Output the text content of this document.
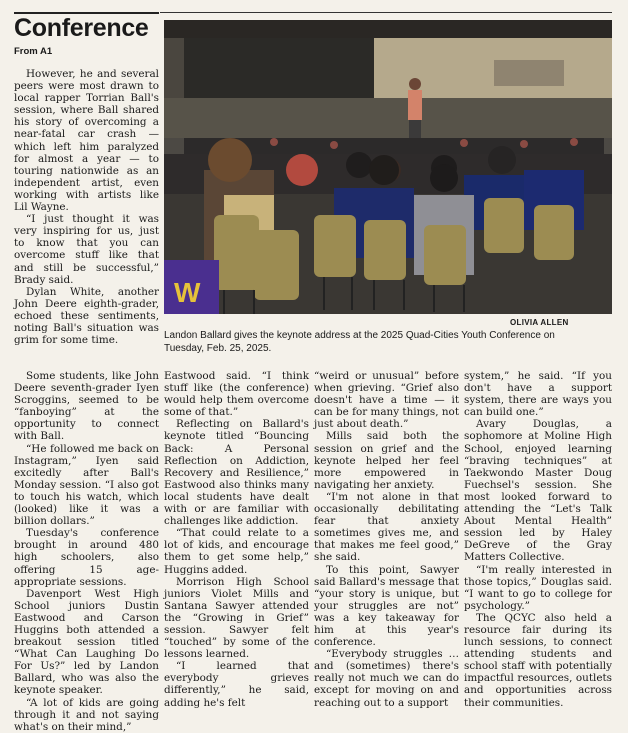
Conference
From A1

However, he and several peers were most drawn to local rapper Torrian Ball's session, where Ball shared his story of overcoming a near-fatal car crash — which left him paralyzed for almost a year — to touring nationwide as an independent artist, even working with artists like Lil Wayne.

“I just thought it was very inspiring for us, just to know that you can overcome stuff like that and still be successful,” Brady said.

Dylan White, another John Deere eighth-grader, echoed these sentiments, noting Ball's situation was grim for some time.

W
OLIVIA ALLEN
Landon Ballard gives the keynote address at the 2025 Quad-Cities Youth Conference on Tuesday, Feb. 25, 2025.

Some students, like John Deere seventh-grader Iyen Scroggins, seemed to be “fanboying” at the opportunity to connect with Ball.

“He followed me back on Instagram,” Iyen said excitedly after Ball's Monday session. “I also got to touch his watch, which (looked) like it was a billion dollars.”

Tuesday's conference brought in around 480 high schoolers, also offering 15 age-appropriate sessions.

Davenport West High School juniors Dustin Eastwood and Carson Huggins both attended a breakout session titled “What Can Laughing Do For Us?” led by Landon Ballard, who was also the keynote speaker.

“A lot of kids are going through it and not saying what's on their mind,”

Eastwood said. “I think stuff like (the conference) would help them overcome some of that.”

Reflecting on Ballard's keynote titled “Bouncing Back: A Personal Reflection on Addiction, Recovery and Resilience,” Eastwood also thinks many local students have dealt with or are familiar with challenges like addiction.

“That could relate to a lot of kids, and encourage them to get some help,” Huggins added.

Morrison High School juniors Violet Mills and Santana Sawyer attended the “Growing in Grief” session. Sawyer felt “touched” by some of the lessons learned.

“I learned that everybody grieves differently,” he said, adding he's felt

“weird or unusual” before when grieving. “Grief also doesn't have a time — it can be for many things, not just about death.”

Mills said both the session on grief and the keynote helped her feel more empowered in navigating her anxiety.

“I'm not alone in that occasionally debilitating fear that anxiety sometimes gives me, and that makes me feel good,” she said.

To this point, Sawyer said Ballard's message that “your story is unique, but your struggles are not” was a key takeaway for him at this year's conference.

“Everybody struggles … and (sometimes) there's really not much we can do except for moving on and reaching out to a support

system,” he said. “If you don't have a support system, there are ways you can build one.”

Avary Douglas, a sophomore at Moline High School, enjoyed learning “braving techniques” at Taekwondo Master Doug Fuechsel's session. She most looked forward to attending the “Let's Talk About Mental Health” session led by Haley DeGreve of the Gray Matters Collective.

“I'm really interested in those topics,” Douglas said. “I want to go to college for psychology.”

The QCYC also held a resource fair during its lunch sessions, to connect attending students and school staff with potentially impactful resources, outlets and opportunities across their communities.
